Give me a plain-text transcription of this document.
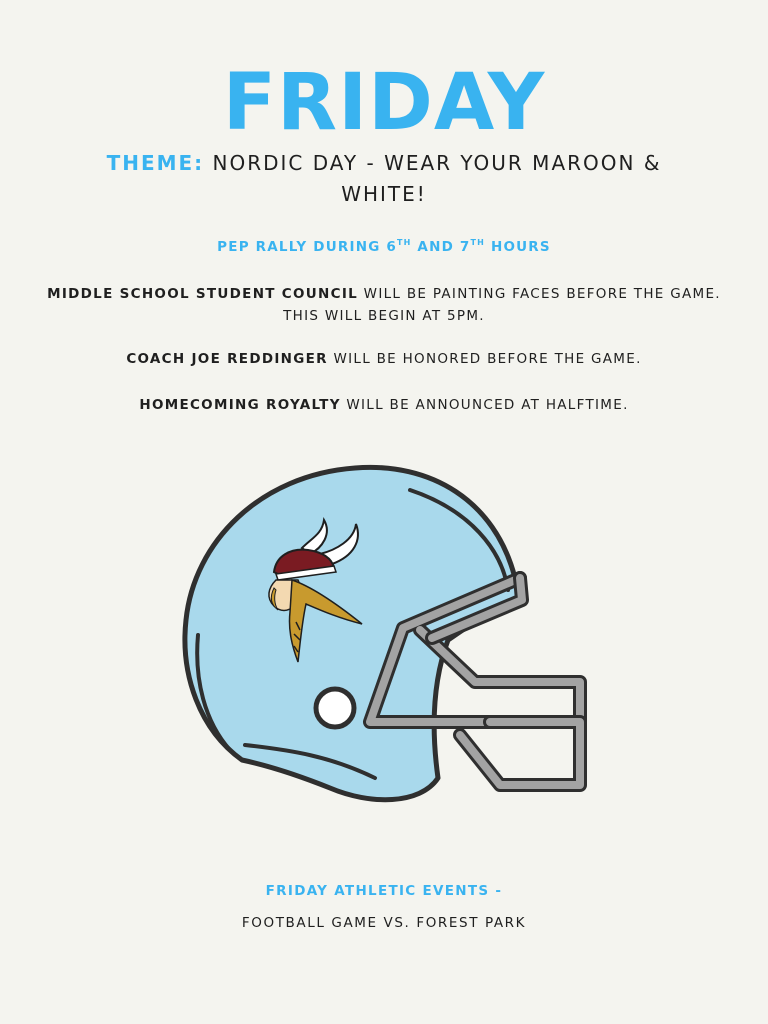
FRIDAY
THEME: NORDIC DAY - WEAR YOUR MAROON & WHITE!
PEP RALLY DURING 6TH AND 7TH HOURS
MIDDLE SCHOOL STUDENT COUNCIL WILL BE PAINTING FACES BEFORE THE GAME. THIS WILL BEGIN AT 5PM.
COACH JOE REDDINGER WILL BE HONORED BEFORE THE GAME.
HOMECOMING ROYALTY WILL BE ANNOUNCED AT HALFTIME.
FRIDAY ATHLETIC EVENTS -
FOOTBALL GAME VS. FOREST PARK
